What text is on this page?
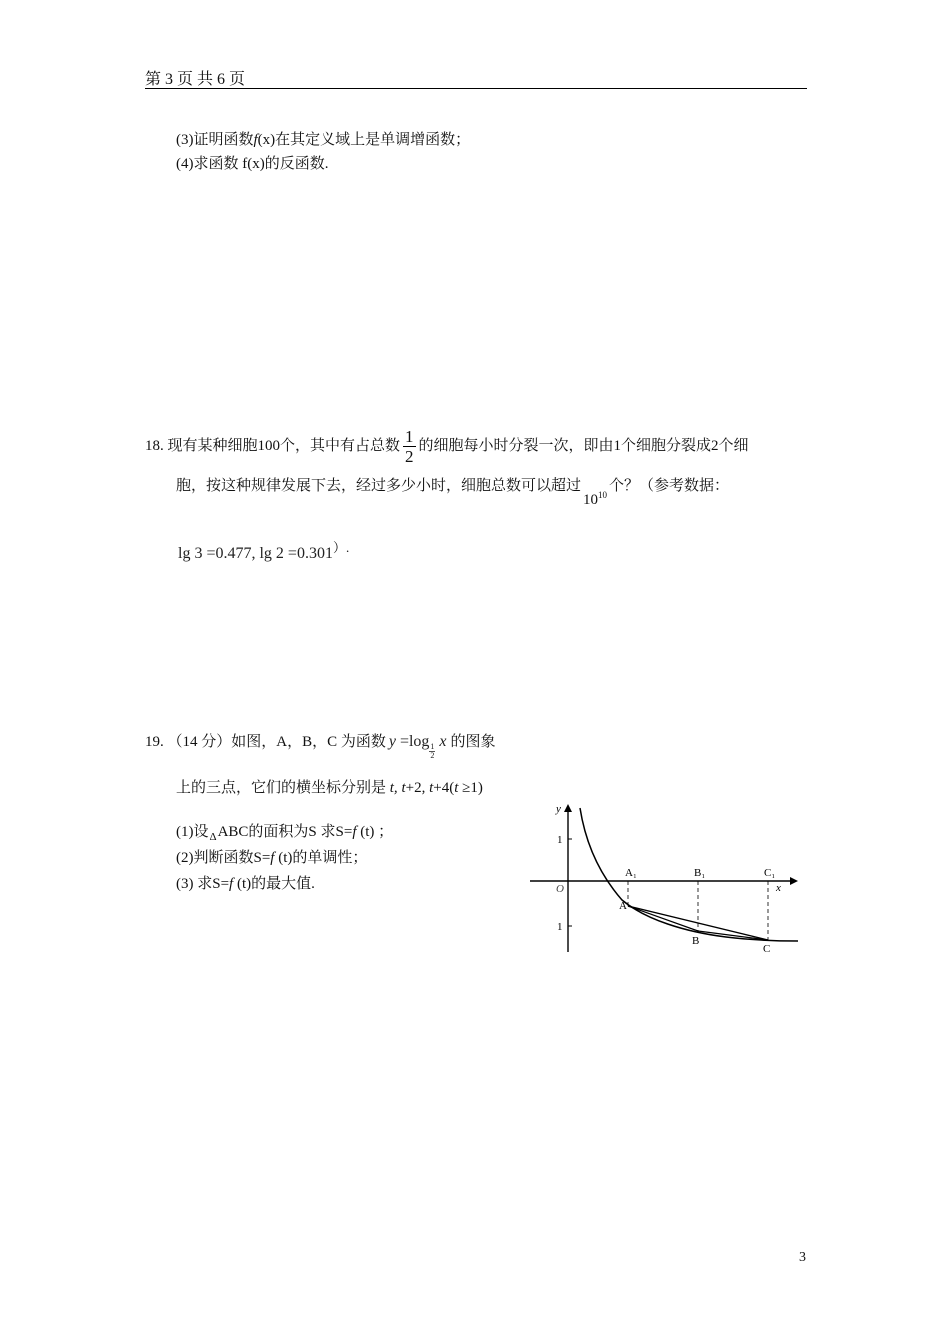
第 3 页 共 6 页
(3)证明函数f(x)在其定义域上是单调增函数；
(4)求函数 f(x)的反函数.
18. 现有某种细胞100个，其中有占总数 $\frac{1}{2}$ 的细胞每小时分裂一次，即由1个细胞分裂成2个细
胞，按这种规律发展下去，经过多少小时，细胞总数可以超过$10^{10}$个？（参考数据：
lg 3 =0.477, lg 2 =0.301）.
19. （14 分）如图，A，B，C 为函数 y =log
$\frac{1}{2}$
x 的图象
上的三点，它们的横坐标分别是 t, t+2, t+4(t ≥1)
(1)设$_\Delta$ABC的面积为S 求S=f (t) ；
(2)判断函数S=f (t)的单调性；
(3) 求S=f (t)的最大值.
y
x
O
1
1
A₁	B₁	C₁
A
B
C
3
